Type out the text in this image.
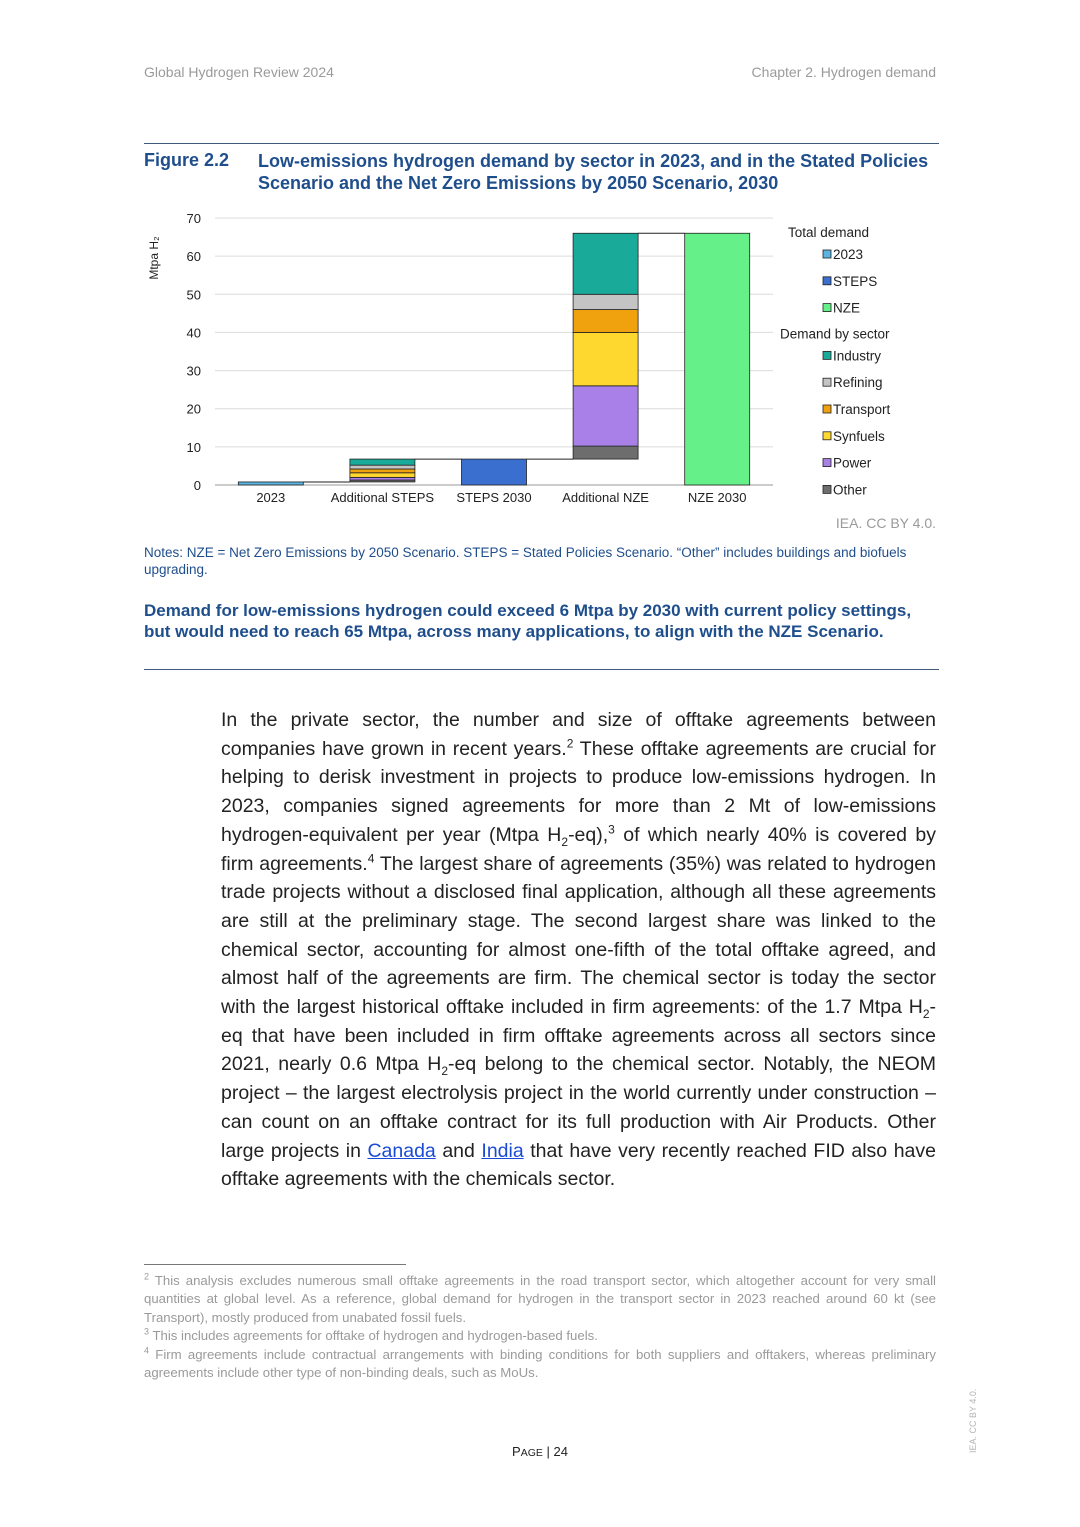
Global Hydrogen Review 2024	Chapter 2. Hydrogen demand
Figure 2.2 Low-emissions hydrogen demand by sector in 2023, and in the Stated Policies Scenario and the Net Zero Emissions by 2050 Scenario, 2030
0
10
20
30
40
50
60
70
Mtpa H₂
2023	Additional STEPS STEPS 2030 Additional NZE	NZE 2030
Total demand
2023
STEPS
NZE
Demand by sector
Industry
Refining
Transport
Synfuels
Power
Other
IEA. CC BY 4.0.
Notes: NZE = Net Zero Emissions by 2050 Scenario. STEPS = Stated Policies Scenario. “Other” includes buildings and biofuels upgrading.
Demand for low-emissions hydrogen could exceed 6 Mtpa by 2030 with current policy settings, but would need to reach 65 Mtpa, across many applications, to align with the NZE Scenario.
In the private sector, the number and size of offtake agreements between companies have grown in recent years.$^2$ These offtake agreements are crucial for helping to derisk investment in projects to produce low-emissions hydrogen. In 2023, companies signed agreements for more than 2 Mt of low-emissions hydrogen-equivalent per year (Mtpa $H_2-eq),^3$ of which nearly 40% is covered by firm agreements.$^4$ The largest share of agreements (35%) was related to hydrogen trade projects without a disclosed final application, although all these agreements are still at the preliminary stage. The second largest share was linked to the chemical sector, accounting for almost one-fifth of the total offtake agreed, and almost half of the agreements are firm. The chemical sector is today the sector with the largest historical offtake included in firm agreements: of the 1.7 Mtpa $H_2-eq$ that have been included in firm offtake agreements across all sectors since 2021, nearly 0.6 Mtpa $H_2-eq$ belong to the chemical sector. Notably, the NEOM project – the largest electrolysis project in the world currently under construction – can count on an offtake contract for its full production with Air Products. Other large projects in Canada and India that have very recently reached FID also have offtake agreements with the chemicals sector.
$^2$ This analysis excludes numerous small offtake agreements in the road transport sector, which altogether account for very small quantities at global level. As a reference, global demand for hydrogen in the transport sector in 2023 reached around 60 kt (see Transport), mostly produced from unabated fossil fuels.
$^3$ This includes agreements for offtake of hydrogen and hydrogen-based fuels.
$^4$ Firm agreements include contractual arrangements with binding conditions for both suppliers and offtakers, whereas preliminary agreements include other type of non-binding deals, such as MoUs.
PAGE | 24	IEA. CC BY 4.0.
